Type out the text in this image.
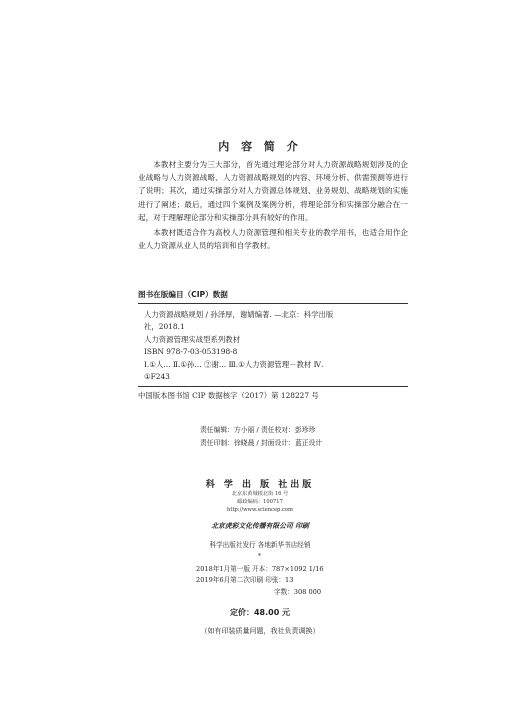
内 容 简 介

本教材主要分为三大部分，首先通过理论部分对人力资源战略规划涉及的企业战略与人力资源战略、人力资源战略规划的内容、环境分析、供需预测等进行了说明；其次，通过实操部分对人力资源总体规划、业务规划、战略规划的实施进行了阐述；最后，通过四个案例及案例分析，将理论部分和实操部分融合在一起，对于理解理论部分和实操部分具有较好的作用。

本教材既适合作为高校人力资源管理和相关专业的教学用书，也适合用作企业人力资源从业人员的培训和自学教材。

图书在版编目（CIP）数据
人力资源战略规划 / 孙泽厚，谢婧编著. —北京：科学出版
社，2018.1
人力资源管理实战型系列教材
ISBN 978-7-03-053198-8
Ⅰ.①人… Ⅱ.①孙… ②谢… Ⅲ.①人力资源管理－教材 Ⅳ.
①F243
中国版本图书馆 CIP 数据核字（2017）第 128227 号
责任编辑：方小丽 / 责任校对：彭珍珍
责任印制：徐晓晨 / 封面设计：蓝正设计
科 学 出 版 社出版
北京东黄城根北街 16 号
邮政编码：100717
http://www.sciencep.com
北京虎彩文化传播有限公司 印刷
科学出版社发行 各地新华书店经销
*
2018年1月第一版 开本：787×1092 1/16
2019年6月第二次印刷 印张：13
字数：308 000
定价：48.00 元
（如有印装质量问题，我社负责调换）
